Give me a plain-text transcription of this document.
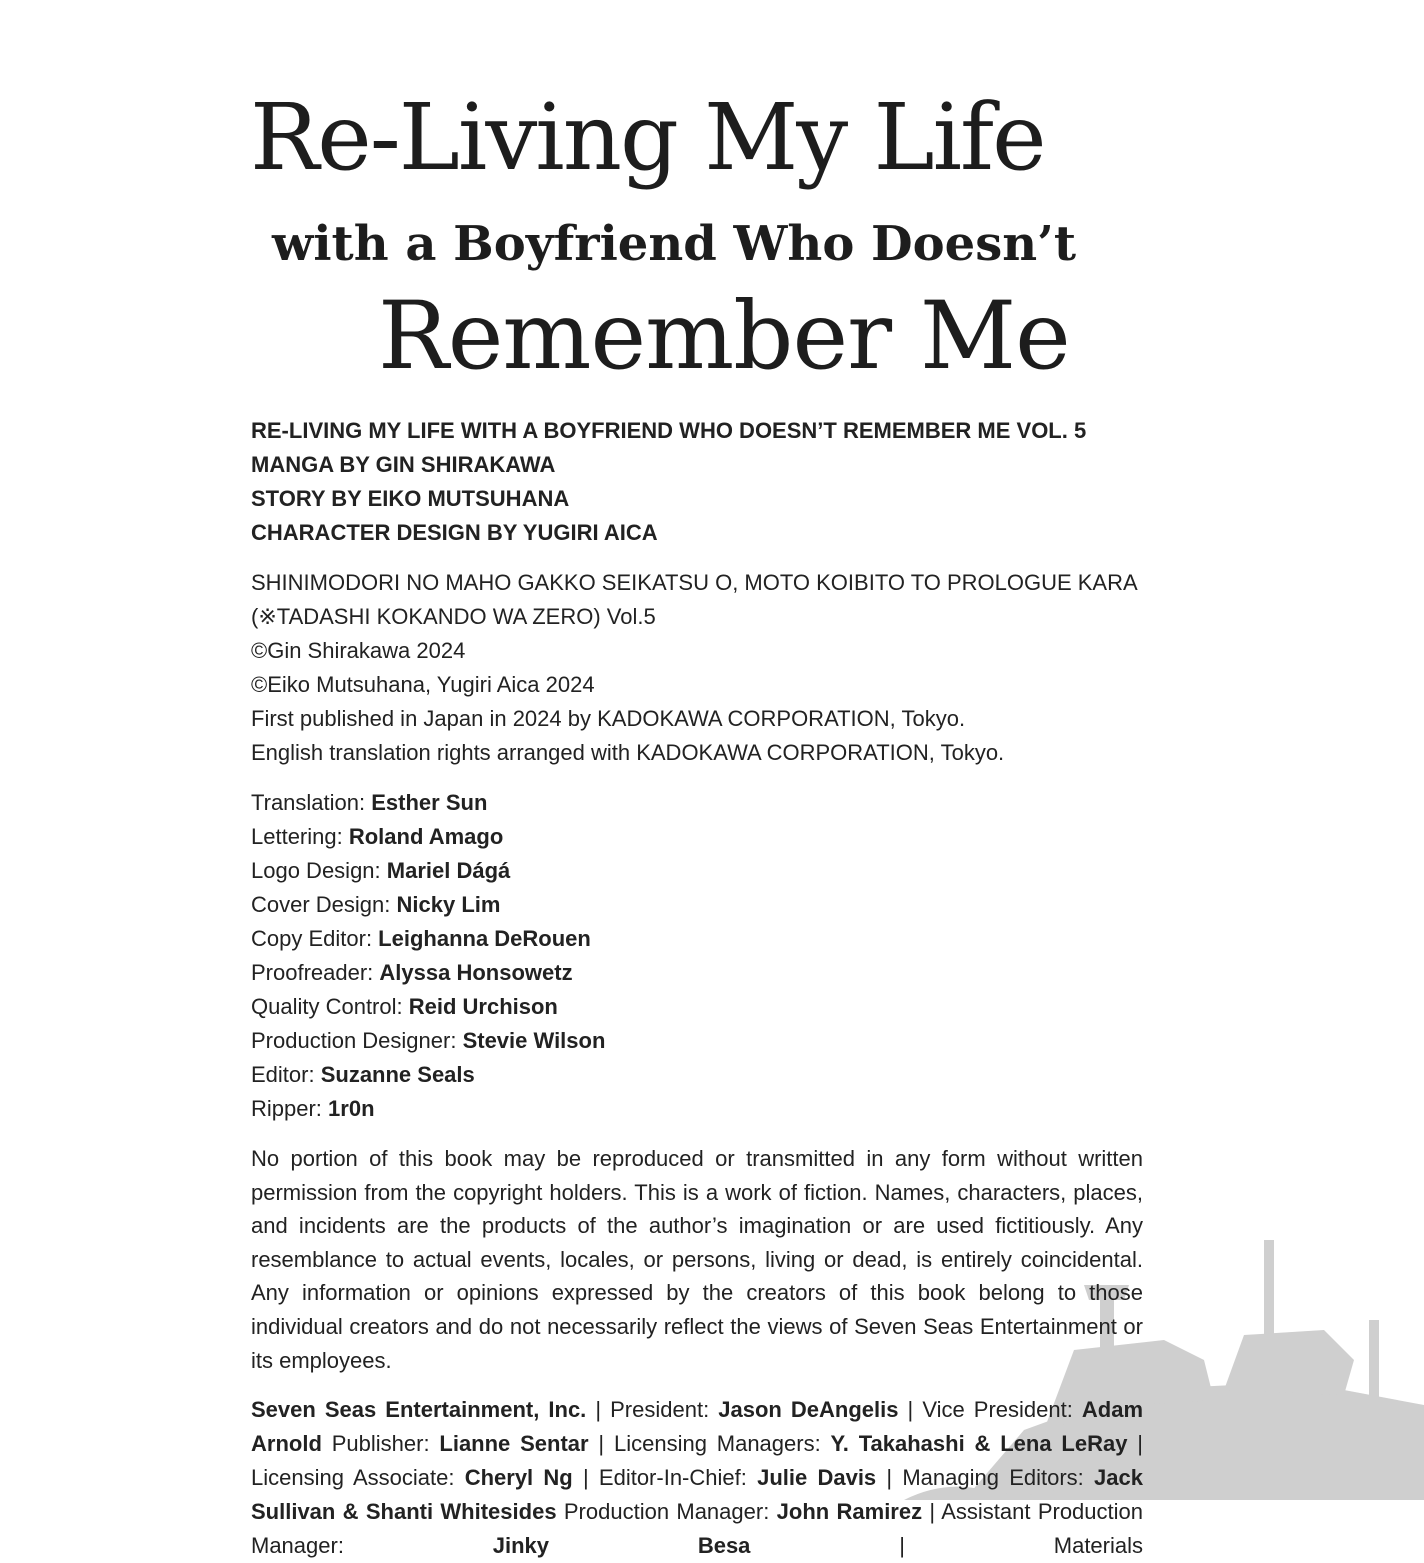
Re-Living My Life
with a Boyfriend Who Doesn’t
Remember Me
RE-LIVING MY LIFE WITH A BOYFRIEND WHO DOESN’T REMEMBER ME VOL. 5
MANGA BY GIN SHIRAKAWA
STORY BY EIKO MUTSUHANA
CHARACTER DESIGN BY YUGIRI AICA
SHINIMODORI NO MAHO GAKKO SEIKATSU O, MOTO KOIBITO TO PROLOGUE KARA
(※TADASHI KOKANDO WA ZERO) Vol.5
©Gin Shirakawa 2024
©Eiko Mutsuhana, Yugiri Aica 2024
First published in Japan in 2024 by KADOKAWA CORPORATION, Tokyo.
English translation rights arranged with KADOKAWA CORPORATION, Tokyo.
Translation: Esther Sun
Lettering: Roland Amago
Logo Design: Mariel Dágá
Cover Design: Nicky Lim
Copy Editor: Leighanna DeRouen
Proofreader: Alyssa Honsowetz
Quality Control: Reid Urchison
Production Designer: Stevie Wilson
Editor: Suzanne Seals
Ripper: 1r0n
No portion of this book may be reproduced or transmitted in any form without written permission from the copyright holders. This is a work of fiction. Names, characters, places, and incidents are the products of the author’s imagination or are used fictitiously. Any resemblance to actual events, locales, or persons, living or dead, is entirely coincidental. Any information or opinions expressed by the creators of this book belong to those individual creators and do not necessarily reflect the views of Seven Seas Entertainment or its employees.
Seven Seas Entertainment, Inc. | President: Jason DeAngelis | Vice President: Adam Arnold Publisher: Lianne Sentar | Licensing Managers: Y. Takahashi & Lena LeRay | Licensing Associate: Cheryl Ng | Editor-In-Chief: Julie Davis | Managing Editors: Jack Sullivan & Shanti Whitesides Production Manager: John Ramirez | Assistant Production Manager: Jinky Besa | Materials
